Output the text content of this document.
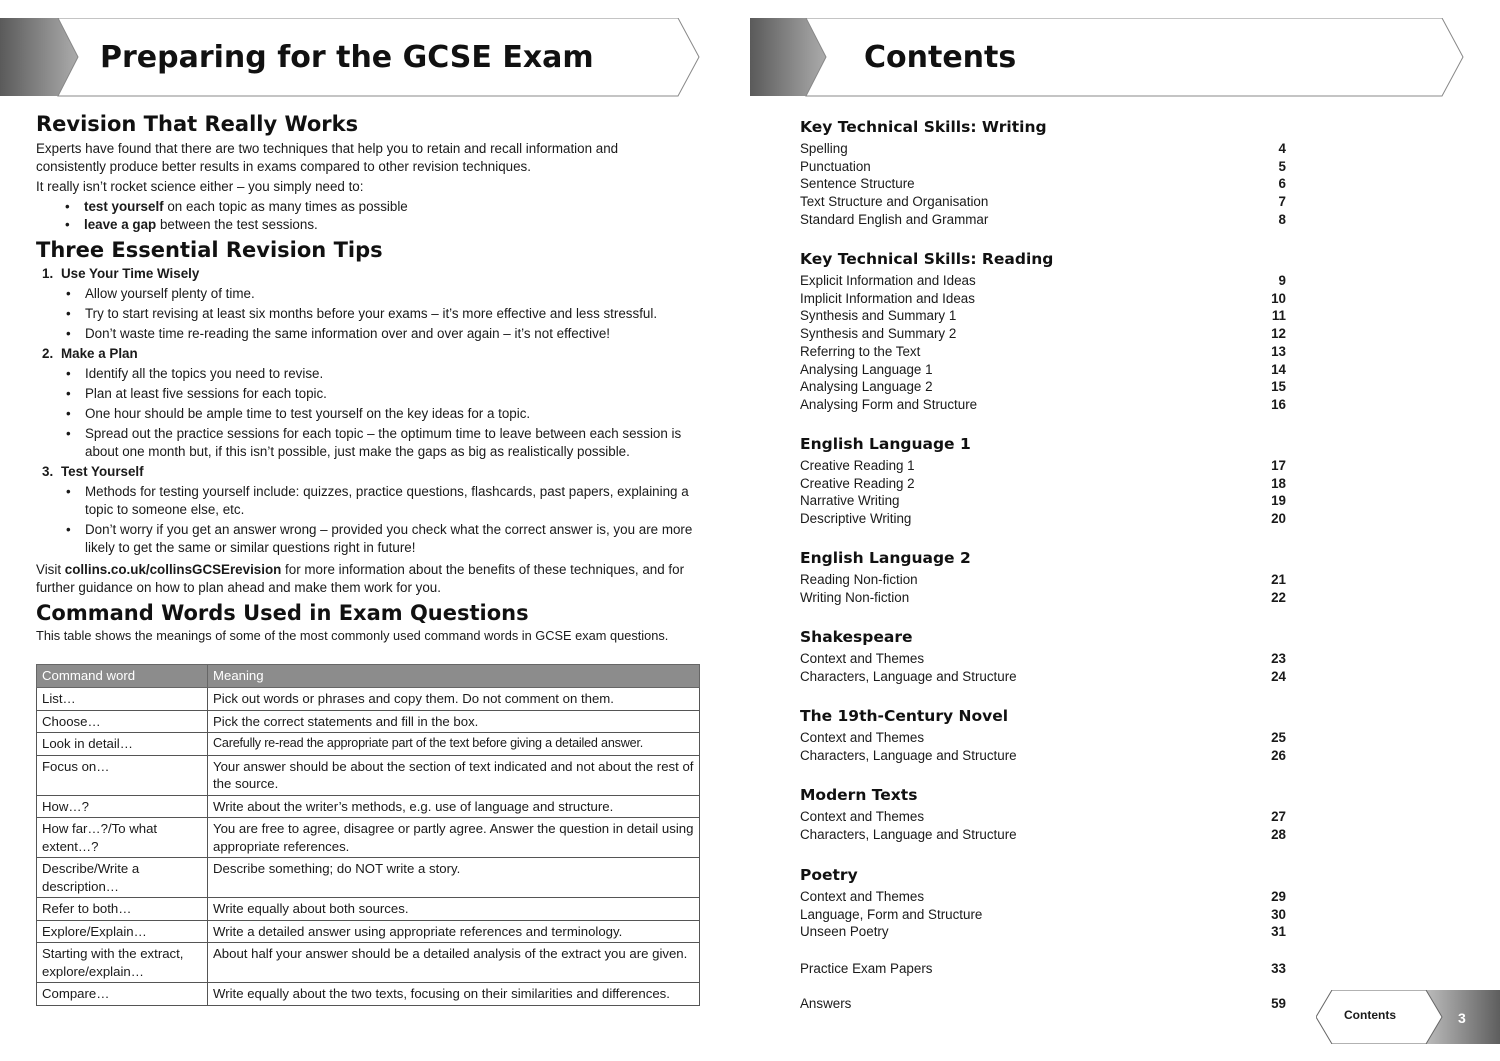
Preparing for the GCSE Exam	Contents
Revision That Really Works

Experts have found that there are two techniques that help you to retain and recall information and

consistently produce better results in exams compared to other revision techniques.

It really isn’t rocket science either – you simply need to:

• test yourself on each topic as many times as possible
• leave a gap between the test sessions.
Three Essential Revision Tips
1. Use Your Time Wisely
• Allow yourself plenty of time.
• Try to start revising at least six months before your exams – it’s more effective and less stressful.
• Don’t waste time re-reading the same information over and over again – it’s not effective!
2. Make a Plan
• Identify all the topics you need to revise.
• Plan at least five sessions for each topic.
• One hour should be ample time to test yourself on the key ideas for a topic.
• Spread out the practice sessions for each topic – the optimum time to leave between each session is about one month but, if this isn’t possible, just make the gaps as big as realistically possible.
3. Test Yourself
• Methods for testing yourself include: quizzes, practice questions, flashcards, past papers, explaining a topic to someone else, etc.
• Don’t worry if you get an answer wrong – provided you check what the correct answer is, you are more likely to get the same or similar questions right in future!

Visit collins.co.uk/collinsGCSErevision for more information about the benefits of these techniques, and for

further guidance on how to plan ahead and make them work for you.

Command Words Used in Exam Questions

This table shows the meanings of some of the most commonly used command words in GCSE exam questions.

Command word	Meaning
List…	Pick out words or phrases and copy them. Do not comment on them.
Choose…	Pick the correct statements and fill in the box.
Look in detail…	Carefully re-read the appropriate part of the text before giving a detailed answer.
Focus on…	Your answer should be about the section of text indicated and not about the rest of the source.
How…?	Write about the writer’s methods, e.g. use of language and structure.
How far…?/To what extent…?	You are free to agree, disagree or partly agree. Answer the question in detail using appropriate references.
Describe/Write a description…	Describe something; do NOT write a story.
Refer to both…	Write equally about both sources.
Explore/Explain…	Write a detailed answer using appropriate references and terminology.
Starting with the extract, explore/explain…	About half your answer should be a detailed analysis of the extract you are given.
Compare…	Write equally about the two texts, focusing on their similarities and differences.
Key Technical Skills: Writing
Spelling	4
Punctuation	5
Sentence Structure	6
Text Structure and Organisation	7
Standard English and Grammar	8
Key Technical Skills: Reading
Explicit Information and Ideas	9
Implicit Information and Ideas	10
Synthesis and Summary 1	11
Synthesis and Summary 2	12
Referring to the Text	13
Analysing Language 1	14
Analysing Language 2	15
Analysing Form and Structure	16
English Language 1
Creative Reading 1	17
Creative Reading 2	18
Narrative Writing	19
Descriptive Writing	20
English Language 2
Reading Non-fiction	21
Writing Non-fiction	22
Shakespeare
Context and Themes	23
Characters, Language and Structure	24
The 19th-Century Novel
Context and Themes	25
Characters, Language and Structure	26
Modern Texts
Context and Themes	27
Characters, Language and Structure	28
Poetry
Context and Themes	29
Language, Form and Structure	30
Unseen Poetry	31
Practice Exam Papers	33
Answers	59
Contents	3
